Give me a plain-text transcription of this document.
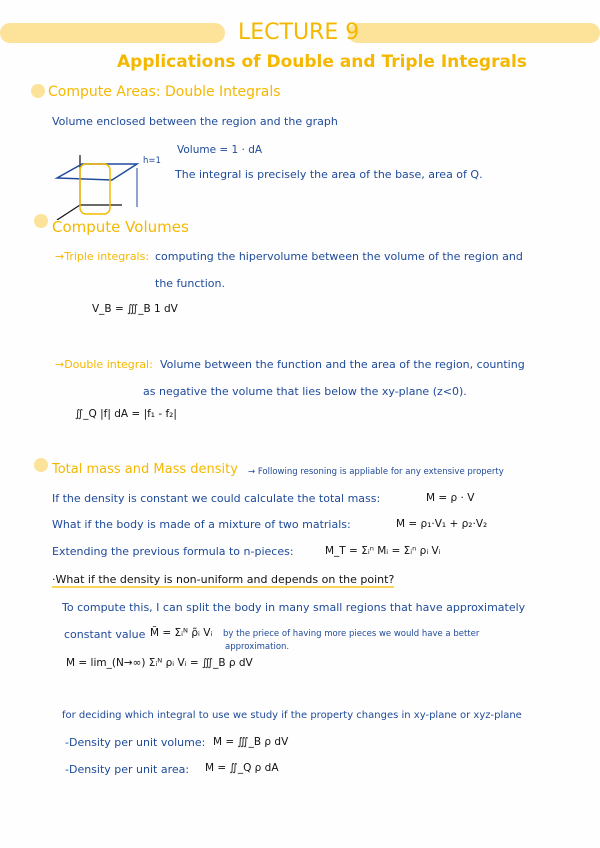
LECTURE 9
Applications of Double and Triple Integrals
Compute Areas: Double Integrals
Volume enclosed between the region and the graph
h=1
Volume = 1 · dA
The integral is precisely the area of the base, area of Q.
Compute Volumes
→Triple integrals: computing the hipervolume between the volume of the region and
the function.
V_B = ∭_B 1 dV
→Double integral: Volume between the function and the area of the region, counting
as negative the volume that lies below the xy-plane (z<0).
∬_Q |f| dA = |f₁ - f₂|
Total mass and Mass density → Following resoning is appliable for any extensive property
If the density is constant we could calculate the total mass:	M = ρ · V
What if the body is made of a mixture of two matrials:	M = ρ₁·V₁ + ρ₂·V₂
Extending the previous formula to n-pieces:	M_T = Σᵢⁿ Mᵢ = Σᵢⁿ ρᵢ Vᵢ
·What if the density is non-uniform and depends on the point?
To compute this, I can split the body in many small regions that have approximately
constant value M̃ = Σᵢᴺ ρ̃ᵢ Vᵢ by the priece of having more pieces we would have a better
approximation.
M = lim_(N→∞) Σᵢᴺ ρᵢ Vᵢ = ∭_B ρ dV
for deciding which integral to use we study if the property changes in xy-plane or xyz-plane
-Density per unit volume: M = ∭_B ρ dV
-Density per unit area: M = ∬_Q ρ dA
